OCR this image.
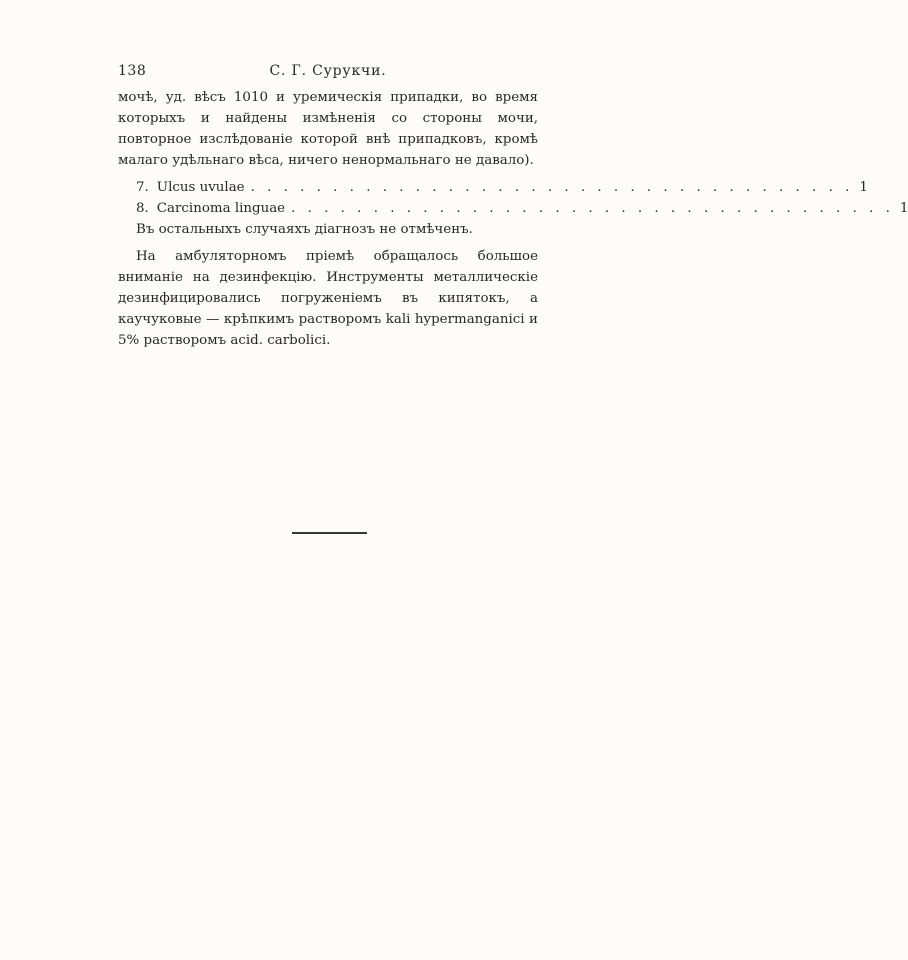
138	С. Г. Сурукчи.

мочѣ, уд. вѣсъ 1010 и уремическія припадки, во время которыхъ и найдены измѣненія со стороны мочи, повторное изслѣдованіе которой внѣ припадковъ, кромѣ малаго удѣльнаго вѣса, ничего ненормальнаго не давало).

7. Ulcus uvulae . . . . . . . . . . . . . . . . . . . . . . . . . . . . . . . . . . . . . 1
8. Carcinoma linguae . . . . . . . . . . . . . . . . . . . . . . . . . . . . . . . . . . . . . 1

Въ остальныхъ случаяхъ діагнозъ не отмѣченъ.

На амбуляторномъ пріемѣ обращалось большое вниманіе на дезинфекцію. Инструменты металлическіе дезинфицировались погруженіемъ въ кипятокъ, а каучуковые — крѣпкимъ растворомъ kali hypermanganici и 5% растворомъ acid. carbolici.
